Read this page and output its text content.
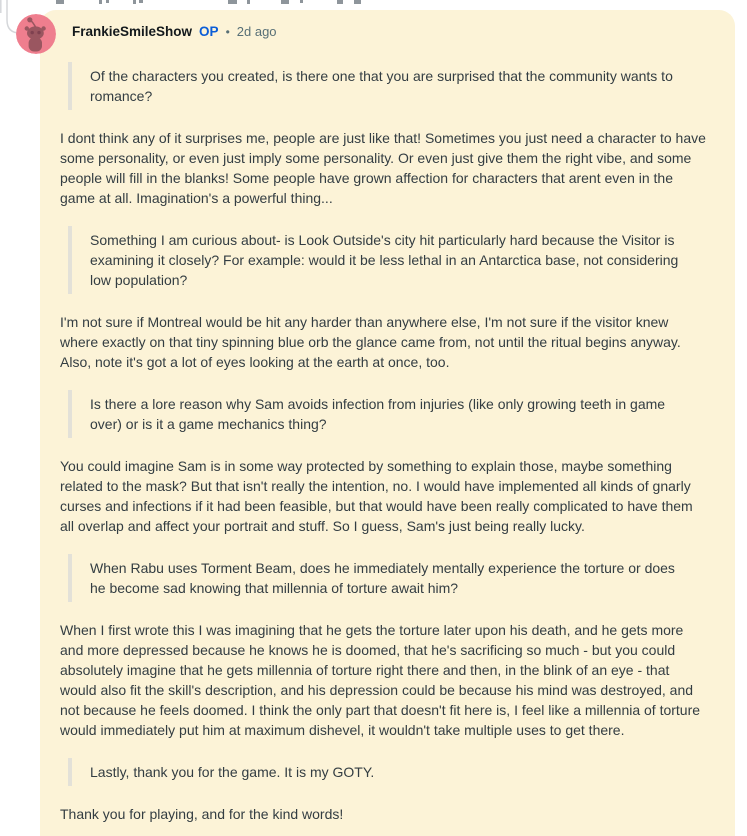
FrankieSmileShow OP • 2d ago
Of the characters you created, is there one that you are surprised that the community wants to romance?

I dont think any of it surprises me, people are just like that! Sometimes you just need a character to have some personality, or even just imply some personality. Or even just give them the right vibe, and some people will fill in the blanks! Some people have grown affection for characters that arent even in the game at all. Imagination's a powerful thing...

Something I am curious about- is Look Outside's city hit particularly hard because the Visitor is examining it closely? For example: would it be less lethal in an Antarctica base, not considering low population?

I'm not sure if Montreal would be hit any harder than anywhere else, I'm not sure if the visitor knew where exactly on that tiny spinning blue orb the glance came from, not until the ritual begins anyway. Also, note it's got a lot of eyes looking at the earth at once, too.

Is there a lore reason why Sam avoids infection from injuries (like only growing teeth in game over) or is it a game mechanics thing?

You could imagine Sam is in some way protected by something to explain those, maybe something related to the mask? But that isn't really the intention, no. I would have implemented all kinds of gnarly curses and infections if it had been feasible, but that would have been really complicated to have them all overlap and affect your portrait and stuff. So I guess, Sam's just being really lucky.

When Rabu uses Torment Beam, does he immediately mentally experience the torture or does he become sad knowing that millennia of torture await him?

When I first wrote this I was imagining that he gets the torture later upon his death, and he gets more and more depressed because he knows he is doomed, that he's sacrificing so much - but you could absolutely imagine that he gets millennia of torture right there and then, in the blink of an eye - that would also fit the skill's description, and his depression could be because his mind was destroyed, and not because he feels doomed. I think the only part that doesn't fit here is, I feel like a millennia of torture would immediately put him at maximum dishevel, it wouldn't take multiple uses to get there.

Lastly, thank you for the game. It is my GOTY.

Thank you for playing, and for the kind words!
